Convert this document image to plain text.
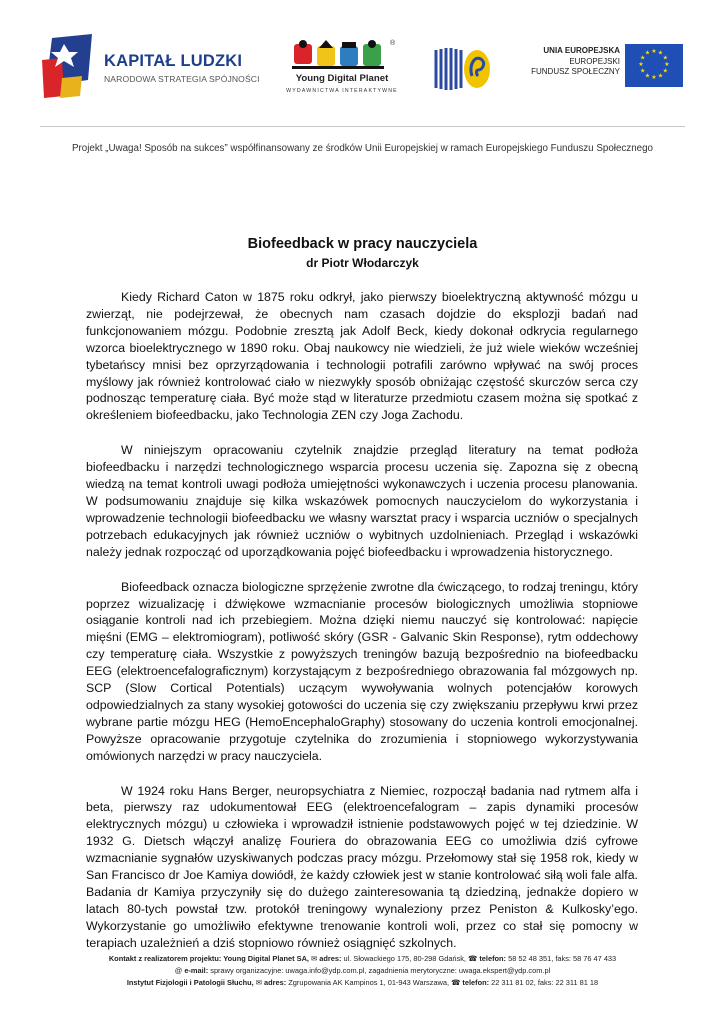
KAPITAŁ LUDZKI
NARODOWA STRATEGIA SPÓJNOŚCI
®
Young Digital Planet
WYDAWNICTWA INTERAKTYWNE
UNIA EUROPEJSKA
EUROPEJSKI
FUNDUSZ SPOŁECZNY
★ ★
★
★
★
★
★
★
★
★
★
★
Projekt „Uwaga! Sposób na sukces” współfinansowany ze środków Unii Europejskiej w ramach Europejskiego Funduszu Społecznego
Biofeedback w pracy nauczyciela
dr Piotr Włodarczyk

Kiedy Richard Caton w 1875 roku odkrył, jako pierwszy bioelektryczną aktywność mózgu u zwierząt, nie podejrzewał, że obecnych nam czasach dojdzie do eksplozji badań nad funkcjonowaniem mózgu. Podobnie zresztą jak Adolf Beck, kiedy dokonał odkrycia regularnego wzorca bioelektrycznego w 1890 roku. Obaj naukowcy nie wiedzieli, że już wiele wieków wcześniej tybetańscy mnisi bez oprzyrządowania i technologii potrafili zarówno wpływać na swój proces myślowy jak również kontrolować ciało w niezwykły sposób obniżając częstość skurczów serca czy podnosząc temperaturę ciała. Być może stąd w literaturze przedmiotu czasem można się spotkać z określeniem biofeedbacku, jako Technologia ZEN czy Joga Zachodu.

W niniejszym opracowaniu czytelnik znajdzie przegląd literatury na temat podłoża biofeedbacku i narzędzi technologicznego wsparcia procesu uczenia się. Zapozna się z obecną wiedzą na temat kontroli uwagi podłoża umiejętności wykonawczych i uczenia procesu planowania. W podsumowaniu znajduje się kilka wskazówek pomocnych nauczycielom do wykorzystania i wprowadzenie technologii biofeedbacku we własny warsztat pracy i wsparcia uczniów o specjalnych potrzebach edukacyjnych jak również uczniów o wybitnych uzdolnieniach. Przegląd i wskazówki należy jednak rozpocząć od uporządkowania pojęć biofeedbacku i wprowadzenia historycznego.

Biofeedback oznacza biologiczne sprzężenie zwrotne dla ćwiczącego, to rodzaj treningu, który poprzez wizualizację i dźwiękowe wzmacnianie procesów biologicznych umożliwia stopniowe osiąganie kontroli nad ich przebiegiem. Można dzięki niemu nauczyć się kontrolować: napięcie mięśni (EMG – elektromiogram), potliwość skóry (GSR - Galvanic Skin Response), rytm oddechowy czy temperaturę ciała. Wszystkie z powyższych treningów bazują bezpośrednio na biofeedbacku EEG (elektroencefalograficznym) korzystającym z bezpośredniego obrazowania fal mózgowych np. SCP (Slow Cortical Potentials) uczącym wywoływania wolnych potencjałów korowych odpowiedzialnych za stany wysokiej gotowości do uczenia się czy zwiększaniu przepływu krwi przez wybrane partie mózgu HEG (HemoEncephaloGraphy) stosowany do uczenia kontroli emocjonalnej. Powyższe opracowanie przygotuje czytelnika do zrozumienia i stopniowego wykorzystywania omówionych narzędzi w pracy nauczyciela.

W 1924 roku Hans Berger, neuropsychiatra z Niemiec, rozpoczął badania nad rytmem alfa i beta, pierwszy raz udokumentował EEG (elektroencefalogram – zapis dynamiki procesów elektrycznych mózgu) u człowieka i wprowadził istnienie podstawowych pojęć w tej dziedzinie. W 1932 G. Dietsch włączył analizę Fouriera do obrazowania EEG co umożliwia dziś cyfrowe wzmacnianie sygnałów uzyskiwanych podczas pracy mózgu. Przełomowy stał się 1958 rok, kiedy w San Francisco dr Joe Kamiya dowiódł, że każdy człowiek jest w stanie kontrolować siłą woli fale alfa. Badania dr Kamiya przyczyniły się do dużego zainteresowania tą dziedziną, jednakże dopiero w latach 80-tych powstał tzw. protokół treningowy wynaleziony przez Peniston & Kulkosky’ego. Wykorzystanie go umożliwiło efektywne trenowanie kontroli woli, przez co stał się pomocny w terapiach uzależnień a dziś stopniowo również osiągnięć szkolnych.

Kontakt z realizatorem projektu: Young Digital Planet SA, ✉ adres: ul. Słowackiego 175, 80-298 Gdańsk, ☎ telefon: 58 52 48 351, faks: 58 76 47 433
@ e-mail: sprawy organizacyjne: uwaga.info@ydp.com.pl, zagadnienia merytoryczne: uwaga.ekspert@ydp.com.pl
Instytut Fizjologii i Patologii Słuchu, ✉ adres: Zgrupowania AK Kampinos 1, 01-943 Warszawa, ☎ telefon: 22 311 81 02, faks: 22 311 81 18
